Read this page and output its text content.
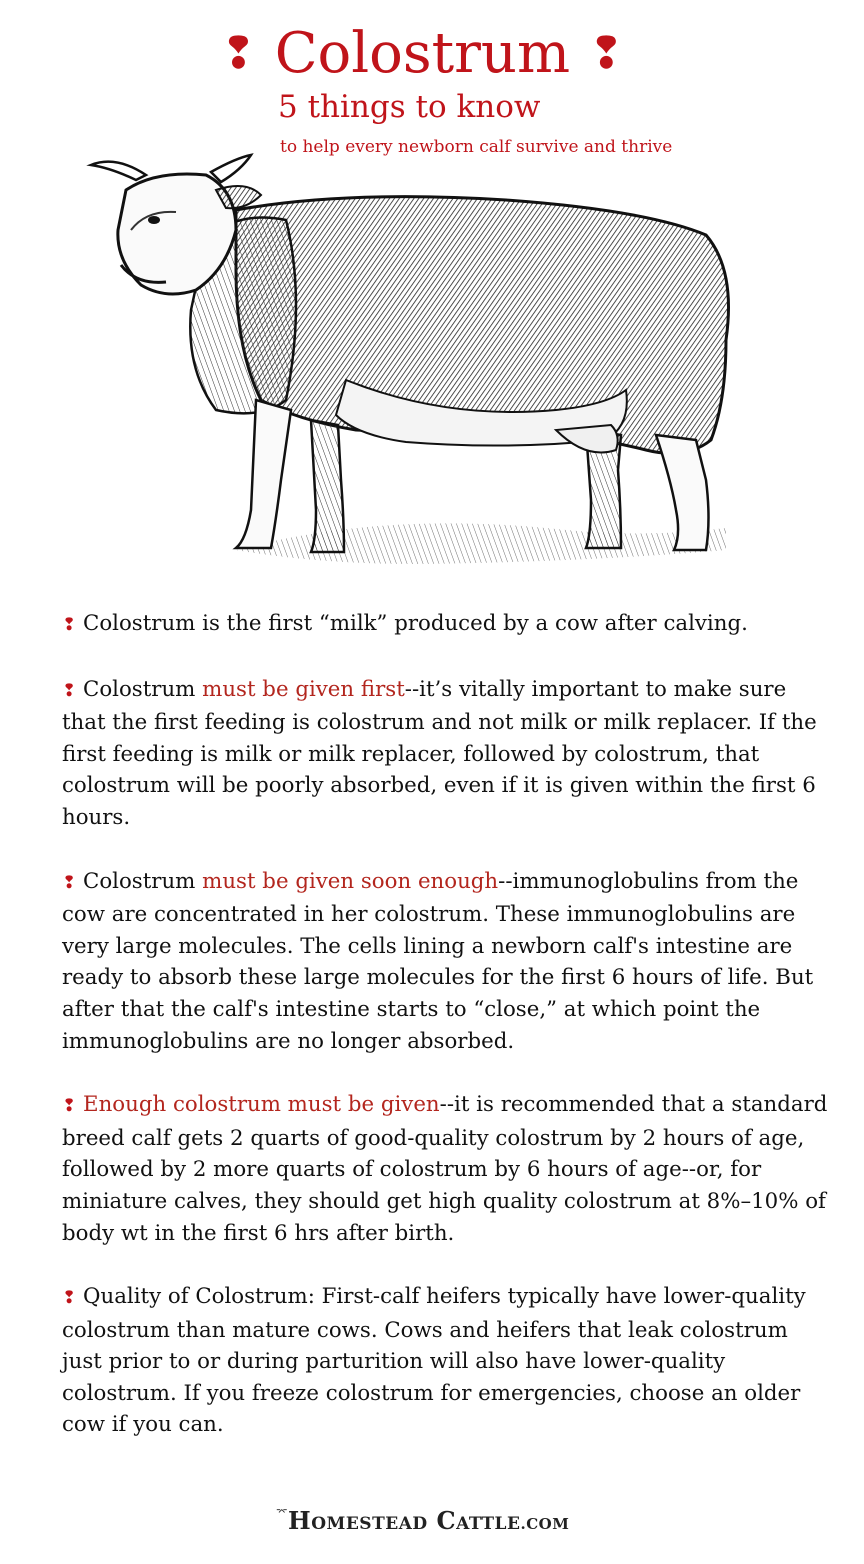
❢ Colostrum ❢
5 things to know
to help every newborn calf survive and thrive

❢ Colostrum is the first “milk” produced by a cow after calving.

❢ Colostrum must be given first--it’s vitally important to make sure that the first feeding is colostrum and not milk or milk replacer. If the first feeding is milk or milk replacer, followed by colostrum, that colostrum will be poorly absorbed, even if it is given within the first 6 hours.

❢ Colostrum must be given soon enough--immunoglobulins from the cow are concentrated in her colostrum. These immunoglobulins are very large molecules. The cells lining a newborn calf's intestine are ready to absorb these large molecules for the first 6 hours of life. But after that the calf's intestine starts to “close,” at which point the immunoglobulins are no longer absorbed.

❢ Enough colostrum must be given--it is recommended that a standard breed calf gets 2 quarts of good-quality colostrum by 2 hours of age, followed by 2 more quarts of colostrum by 6 hours of age--or, for miniature calves, they should get high quality colostrum at 8%–10% of body wt in the first 6 hrs after birth.

❢ Quality of Colostrum: First-calf heifers typically have lower-quality colostrum than mature cows. Cows and heifers that leak colostrum just prior to or during parturition will also have lower-quality colostrum. If you freeze colostrum for emergencies, choose an older cow if you can.

⌤HOMESTEAD CATTLE.COM
